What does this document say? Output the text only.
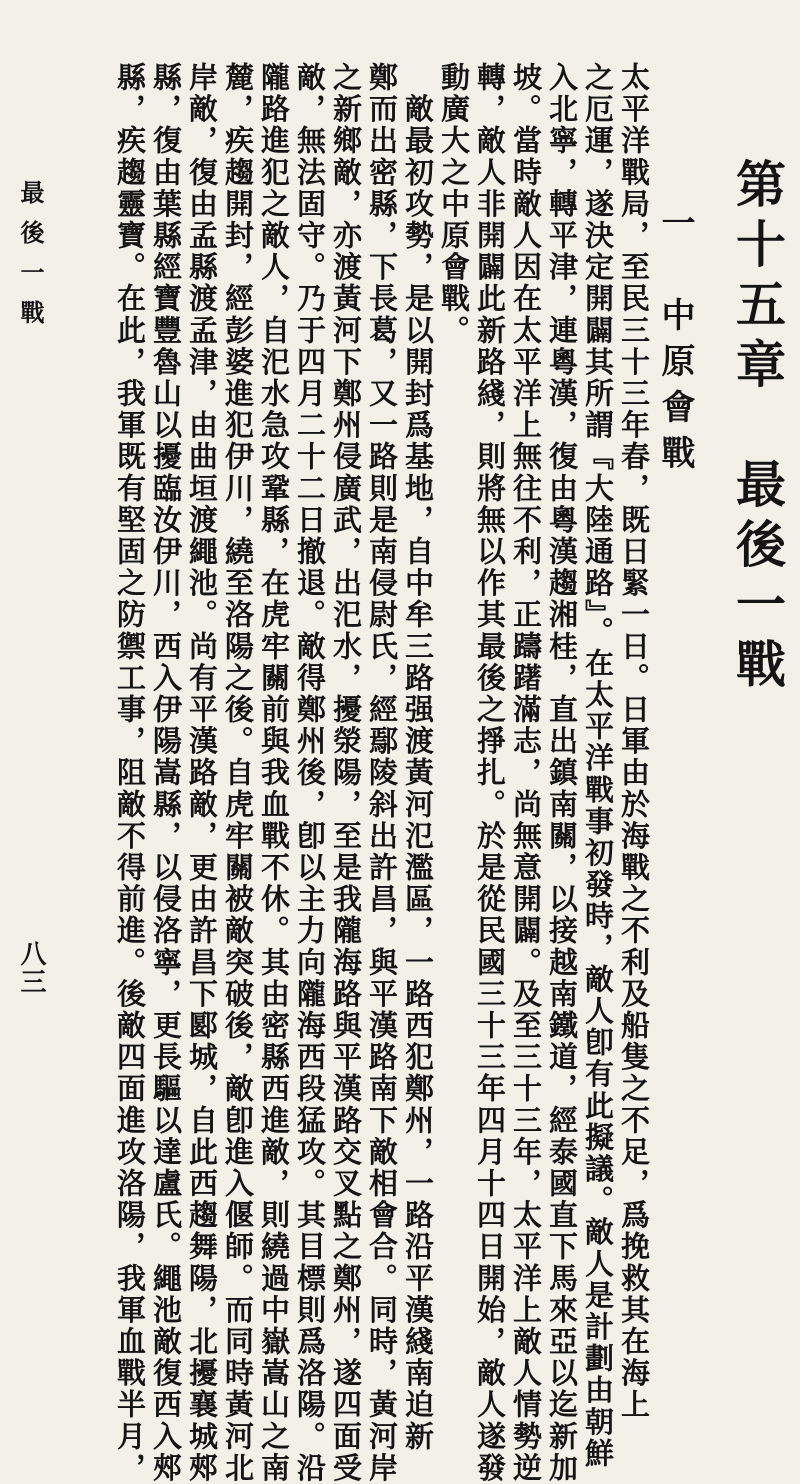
第十五章　最後一戰
一　中原會戰
太平洋戰局，至民三十三年春，既日緊一日。日軍由於海戰之不利及船隻之不足，爲挽救其在海上
之厄運，遂決定開闢其所謂『大陸通路』。在太平洋戰事初發時，敵人卽有此擬議。敵人是計劃由朝鮮
入北寧，轉平津，連粵漢，復由粵漢趨湘桂，直出鎮南關，以接越南鐵道，經泰國直下馬來亞以迄新加
坡。當時敵人因在太平洋上無往不利，正躊躇滿志，尚無意開闢。及至三十三年，太平洋上敵人情勢逆
轉，敵人非開闢此新路綫，則將無以作其最後之掙扎。於是從民國三十三年四月十四日開始，敵人遂發
動廣大之中原會戰。
　敵最初攻勢，是以開封爲基地，自中牟三路强渡黃河氾濫區，一路西犯鄭州，一路沿平漢綫南迫新
鄭而出密縣，下長葛，又一路則是南侵尉氏，經鄢陵斜出許昌，與平漢路南下敵相會合。同時，黃河岸
之新鄉敵，亦渡黃河下鄭州侵廣武，出汜水，擾滎陽，至是我隴海路與平漢路交叉點之鄭州，遂四面受
敵，無法固守。乃于四月二十二日撤退。敵得鄭州後，卽以主力向隴海西段猛攻。其目標則爲洛陽。沿
隴路進犯之敵人，自汜水急攻鞏縣，在虎牢關前與我血戰不休。其由密縣西進敵，則繞過中嶽嵩山之南
麓，疾趨開封，經彭婆進犯伊川，繞至洛陽之後。自虎牢關被敵突破後，敵卽進入偃師。而同時黃河北
岸敵，復由孟縣渡孟津，由曲垣渡繩池。尚有平漢路敵，更由許昌下郾城，自此西趨舞陽，北擾襄城郟
縣，復由葉縣經寶豐魯山以擾臨汝伊川，西入伊陽嵩縣，以侵洛寧，更長驅以達盧氏。繩池敵復西入郟
縣，疾趨靈寶。在此，我軍既有堅固之防禦工事，阻敵不得前進。後敵四面進攻洛陽，我軍血戰半月，
最後一戰
八三
